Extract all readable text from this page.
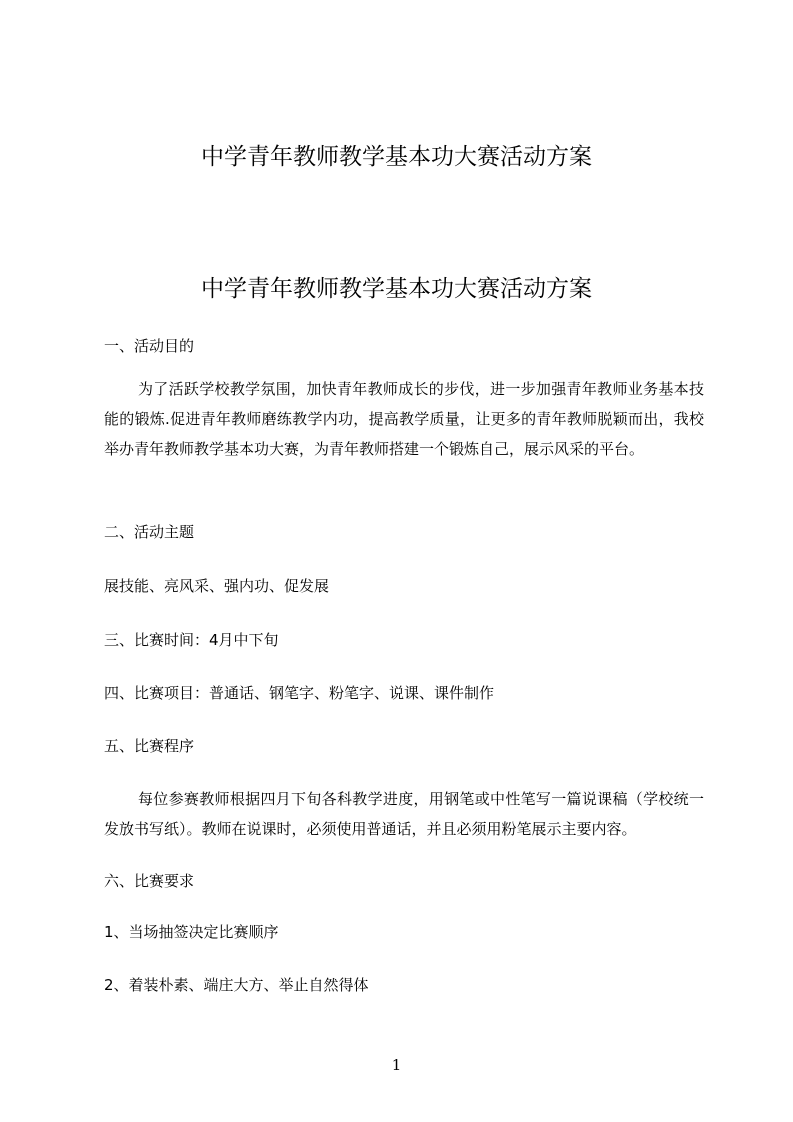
中学青年教师教学基本功大赛活动方案
中学青年教师教学基本功大赛活动方案
一、活动目的
为了活跃学校教学氛围，加快青年教师成长的步伐，进一步加强青年教师业务基本技能的锻炼.促进青年教师磨练教学内功，提高教学质量，让更多的青年教师脱颖而出，我校举办青年教师教学基本功大赛，为青年教师搭建一个锻炼自己，展示风采的平台。
二、活动主题
展技能、亮风采、强内功、促发展
三、比赛时间：4月中下旬
四、比赛项目：普通话、钢笔字、粉笔字、说课、课件制作
五、比赛程序
每位参赛教师根据四月下旬各科教学进度，用钢笔或中性笔写一篇说课稿（学校统一发放书写纸）。教师在说课时，必须使用普通话，并且必须用粉笔展示主要内容。
六、比赛要求
1、当场抽签决定比赛顺序
2、着装朴素、端庄大方、举止自然得体
1
